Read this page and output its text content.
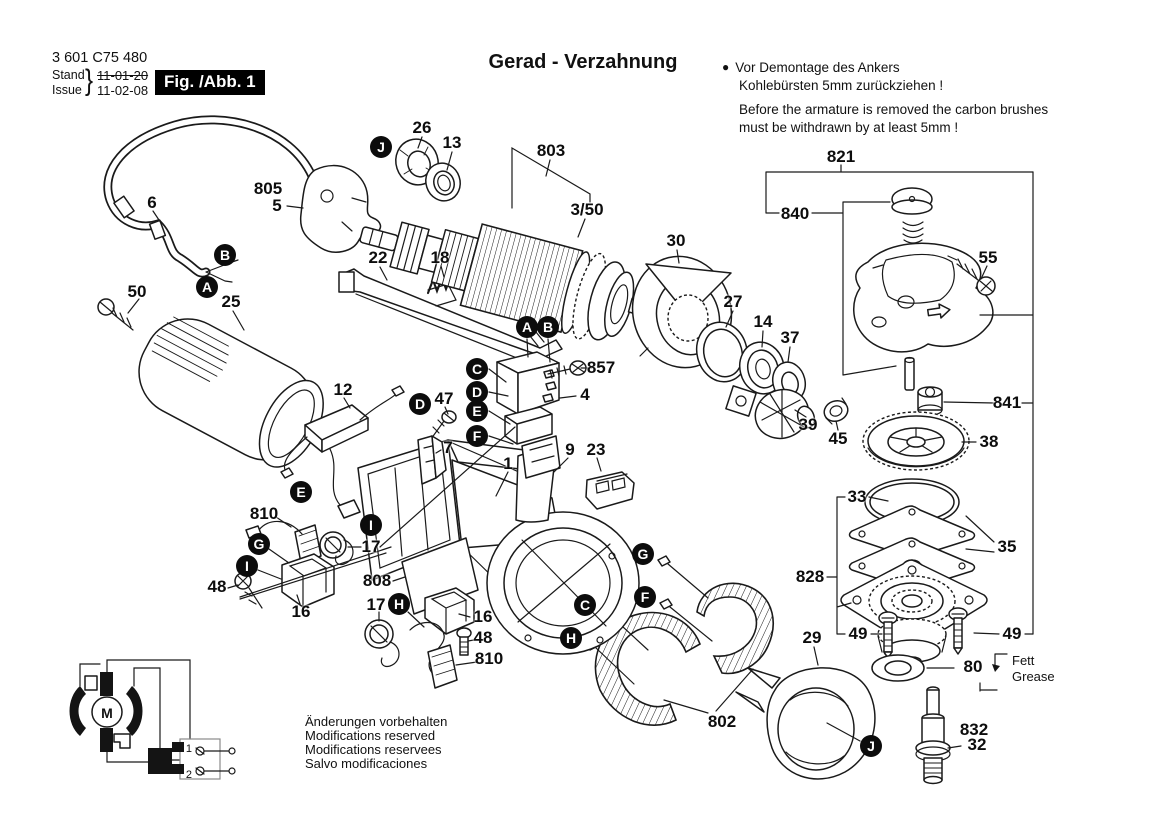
3 601 C75 480
Stand
Issue } 11-01-20
11-02-08 Fig. /Abb. 1
Gerad - Verzahnung	● Vor Demontage des Ankers
Kohlebürsten 5mm zurückziehen !
Before the armature is removed the carbon brushes
must be withdrawn by at least 5mm !
Änderungen vorbehalten
Modifications reserved
Modifications reservees
Salvo modificaciones
Fett
Grease
M
1
2
26
13	803
3/50
30
805
5
6
50
25
22	18
821
840
55
857
4
27
14
37
39
45
841
38
33
35
828
12	47
7	9 23
1
810
17
48
16
808
17
16
48
810
802
29 49	49
80
832
32
J
B
A
A B
C
D
E
F
D
E
I
G
I
H
G
F
C
H
J
